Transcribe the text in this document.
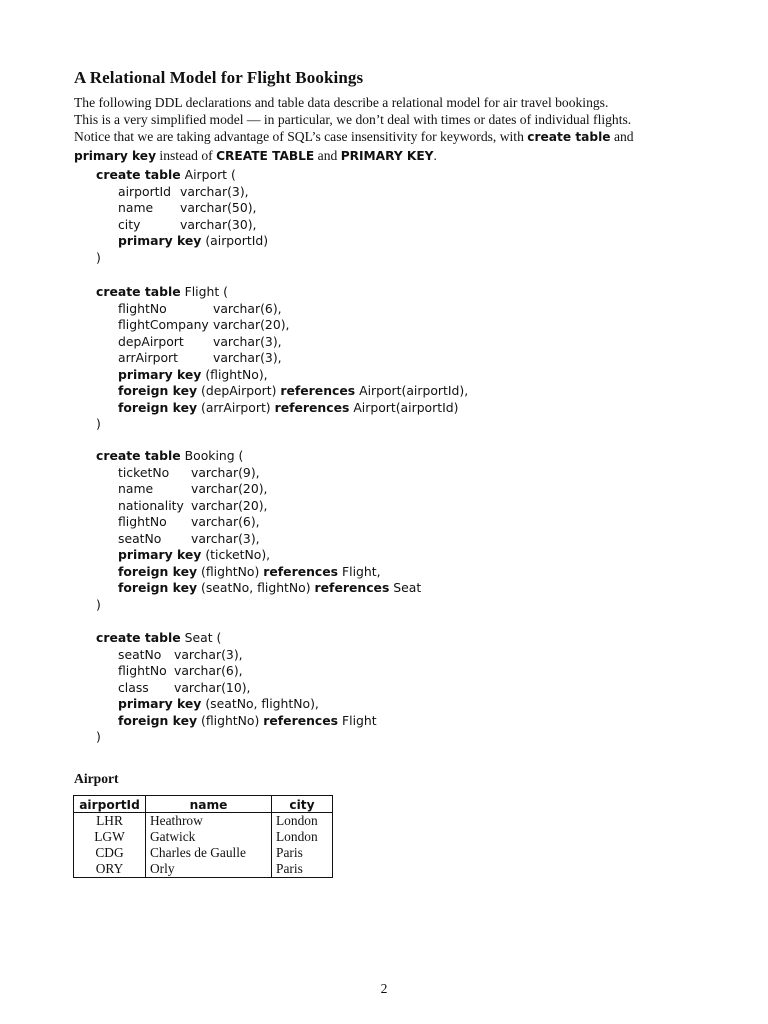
A Relational Model for Flight Bookings
The following DDL declarations and table data describe a relational model for air travel bookings.
This is a very simplified model — in particular, we don’t deal with times or dates of individual flights.
Notice that we are taking advantage of SQL’s case insensitivity for keywords, with create table and
primary key instead of CREATE TABLE and PRIMARY KEY.
create table Airport (
airportId varchar(3),
name varchar(50),
city	varchar(30),
primary key (airportId)
)
create table Flight (
flightNo	varchar(6),
flightCompany varchar(20),
depAirport varchar(3),
arrAirport	varchar(3),
primary key (flightNo),
foreign key (depAirport) references Airport(airportId),
foreign key (arrAirport) references Airport(airportId)
)
create table Booking (
ticketNo varchar(9),
name	varchar(20),
nationality varchar(20),
flightNo varchar(6),
seatNo varchar(3),
primary key (ticketNo),
foreign key (flightNo) references Flight,
foreign key (seatNo, flightNo) references Seat
)
create table Seat (
seatNo varchar(3),
flightNo varchar(6),
class varchar(10),
primary key (seatNo, flightNo),
foreign key (flightNo) references Flight
)
Airport
airportId	name	city
LHR	Heathrow	London
LGW	Gatwick	London
CDG	Charles de Gaulle	Paris
ORY	Orly	Paris
2
